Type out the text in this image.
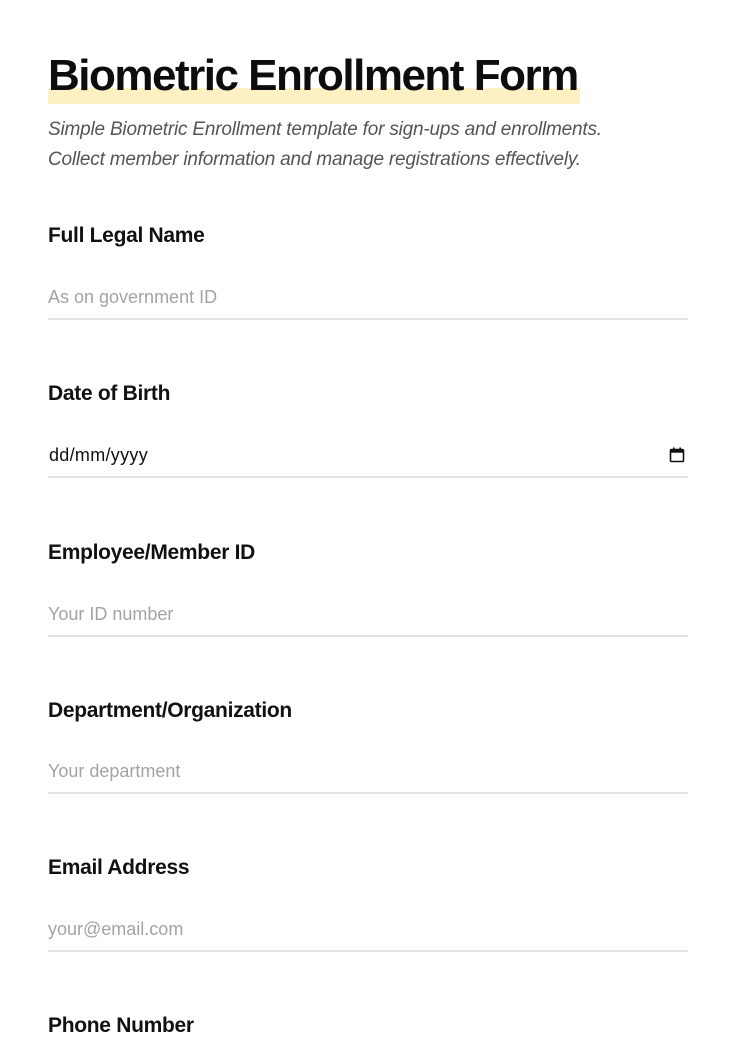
Biometric Enrollment Form

Simple Biometric Enrollment template for sign-ups and enrollments.
Collect member information and manage registrations effectively.

Full Legal Name
As on government ID
Date of Birth
dd/mm/yyyy
Employee/Member ID
Your ID number
Department/Organization
Your department
Email Address
your@email.com
Phone Number
